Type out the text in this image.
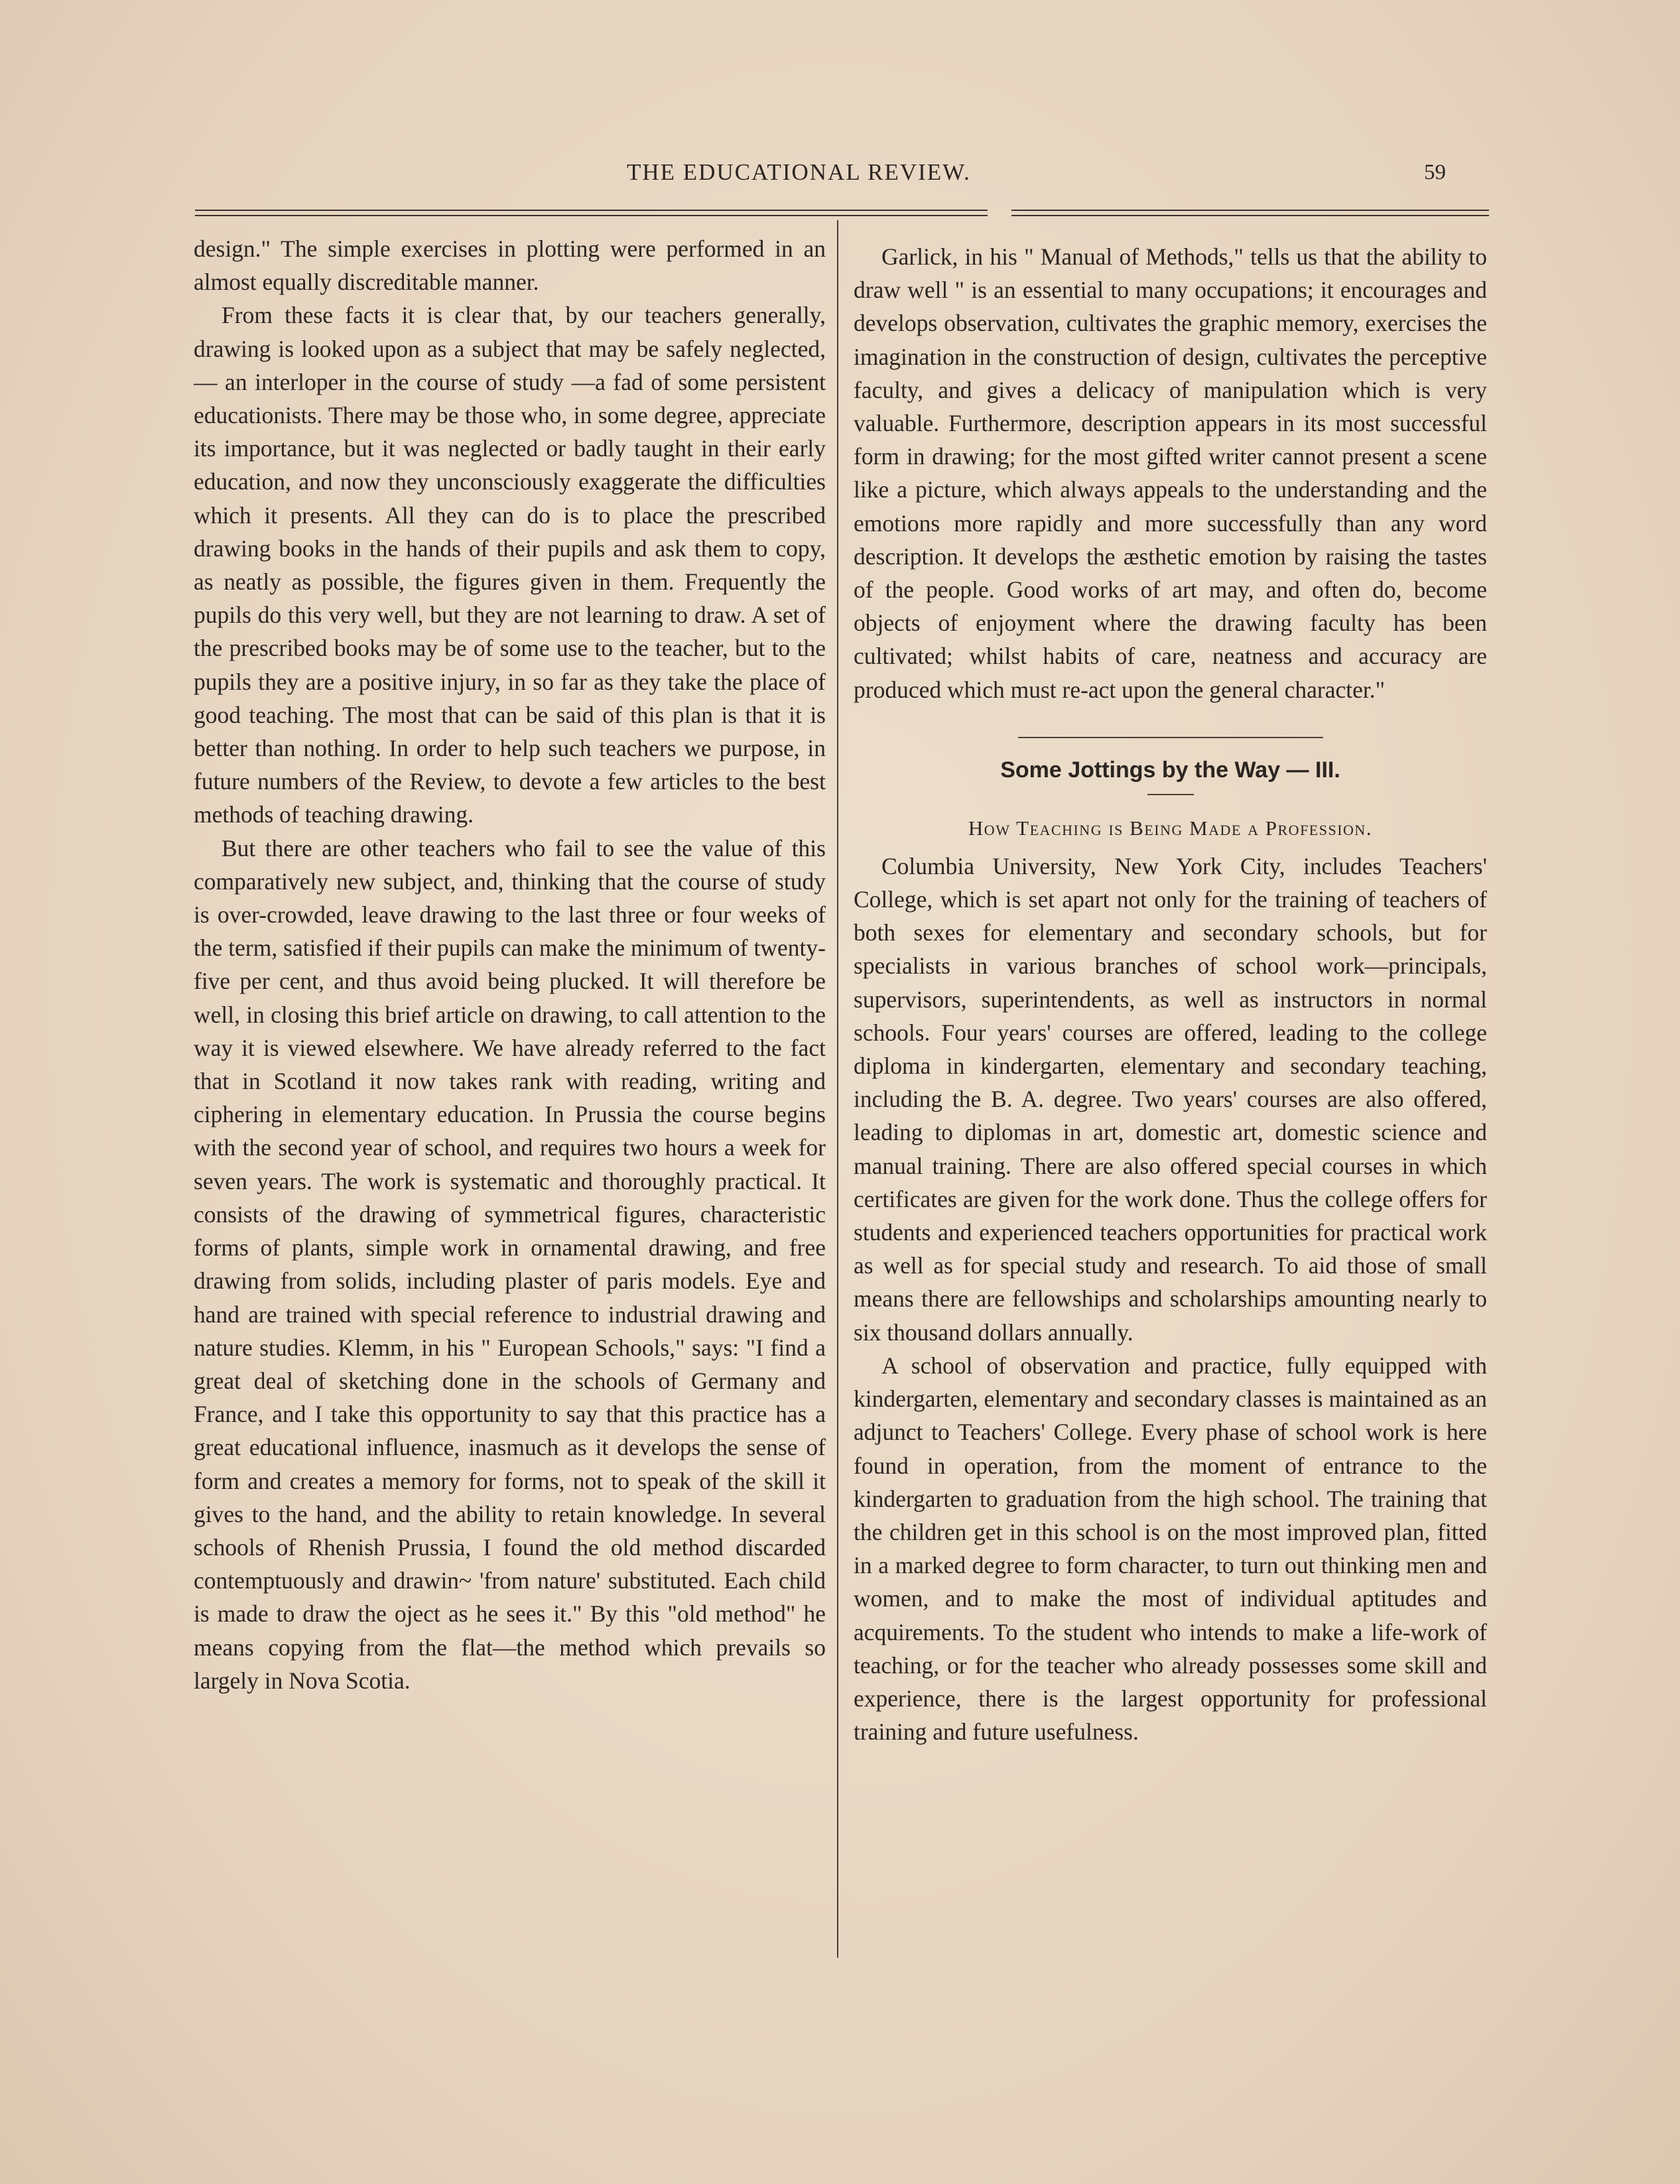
THE EDUCATIONAL REVIEW.	59

design." The simple exercises in plotting were performed in an almost equally discreditable manner.

From these facts it is clear that, by our teachers generally, drawing is looked upon as a subject that may be safely neglected,— an interloper in the course of study —a fad of some persistent educationists. There may be those who, in some degree, appreciate its importance, but it was neglected or badly taught in their early education, and now they unconsciously exaggerate the difficulties which it presents. All they can do is to place the prescribed drawing books in the hands of their pupils and ask them to copy, as neatly as possible, the figures given in them. Frequently the pupils do this very well, but they are not learning to draw. A set of the prescribed books may be of some use to the teacher, but to the pupils they are a positive injury, in so far as they take the place of good teaching. The most that can be said of this plan is that it is better than nothing. In order to help such teachers we purpose, in future numbers of the Review, to devote a few articles to the best methods of teaching drawing.

But there are other teachers who fail to see the value of this comparatively new subject, and, thinking that the course of study is over-crowded, leave drawing to the last three or four weeks of the term, satisfied if their pupils can make the minimum of twenty-five per cent, and thus avoid being plucked. It will therefore be well, in closing this brief article on drawing, to call attention to the way it is viewed elsewhere. We have already referred to the fact that in Scotland it now takes rank with reading, writing and ciphering in elementary education. In Prussia the course begins with the second year of school, and requires two hours a week for seven years. The work is systematic and thoroughly practical. It consists of the drawing of symmetrical figures, characteristic forms of plants, simple work in ornamental drawing, and free drawing from solids, including plaster of paris models. Eye and hand are trained with special reference to industrial drawing and nature studies. Klemm, in his " European Schools," says: "I find a great deal of sketching done in the schools of Germany and France, and I take this opportunity to say that this practice has a great educational influence, inasmuch as it develops the sense of form and creates a memory for forms, not to speak of the skill it gives to the hand, and the ability to retain knowledge. In several schools of Rhenish Prussia, I found the old method discarded contemptuously and drawin~ 'from nature' substituted. Each child is made to draw the oject as he sees it." By this "old method" he means copying from the flat—the method which prevails so largely in Nova Scotia.

Garlick, in his " Manual of Methods," tells us that the ability to draw well " is an essential to many occupations; it encourages and develops observation, cultivates the graphic memory, exercises the imagination in the construction of design, cultivates the perceptive faculty, and gives a delicacy of manipulation which is very valuable. Furthermore, description appears in its most successful form in drawing; for the most gifted writer cannot present a scene like a picture, which always appeals to the understanding and the emotions more rapidly and more successfully than any word description. It develops the æsthetic emotion by raising the tastes of the people. Good works of art may, and often do, become objects of enjoyment where the drawing faculty has been cultivated; whilst habits of care, neatness and accuracy are produced which must re-act upon the general character."

Some Jottings by the Way — III.

How Teaching is Being Made a Profession.

Columbia University, New York City, includes Teachers' College, which is set apart not only for the training of teachers of both sexes for elementary and secondary schools, but for specialists in various branches of school work—principals, supervisors, superintendents, as well as instructors in normal schools. Four years' courses are offered, leading to the college diploma in kindergarten, elementary and secondary teaching, including the B. A. degree. Two years' courses are also offered, leading to diplomas in art, domestic art, domestic science and manual training. There are also offered special courses in which certificates are given for the work done. Thus the college offers for students and experienced teachers opportunities for practical work as well as for special study and research. To aid those of small means there are fellowships and scholarships amounting nearly to six thousand dollars annually.

A school of observation and practice, fully equipped with kindergarten, elementary and secondary classes is maintained as an adjunct to Teachers' College. Every phase of school work is here found in operation, from the moment of entrance to the kindergarten to graduation from the high school. The training that the children get in this school is on the most improved plan, fitted in a marked degree to form character, to turn out thinking men and women, and to make the most of individual aptitudes and acquirements. To the student who intends to make a life-work of teaching, or for the teacher who already possesses some skill and experience, there is the largest opportunity for professional training and future usefulness.
